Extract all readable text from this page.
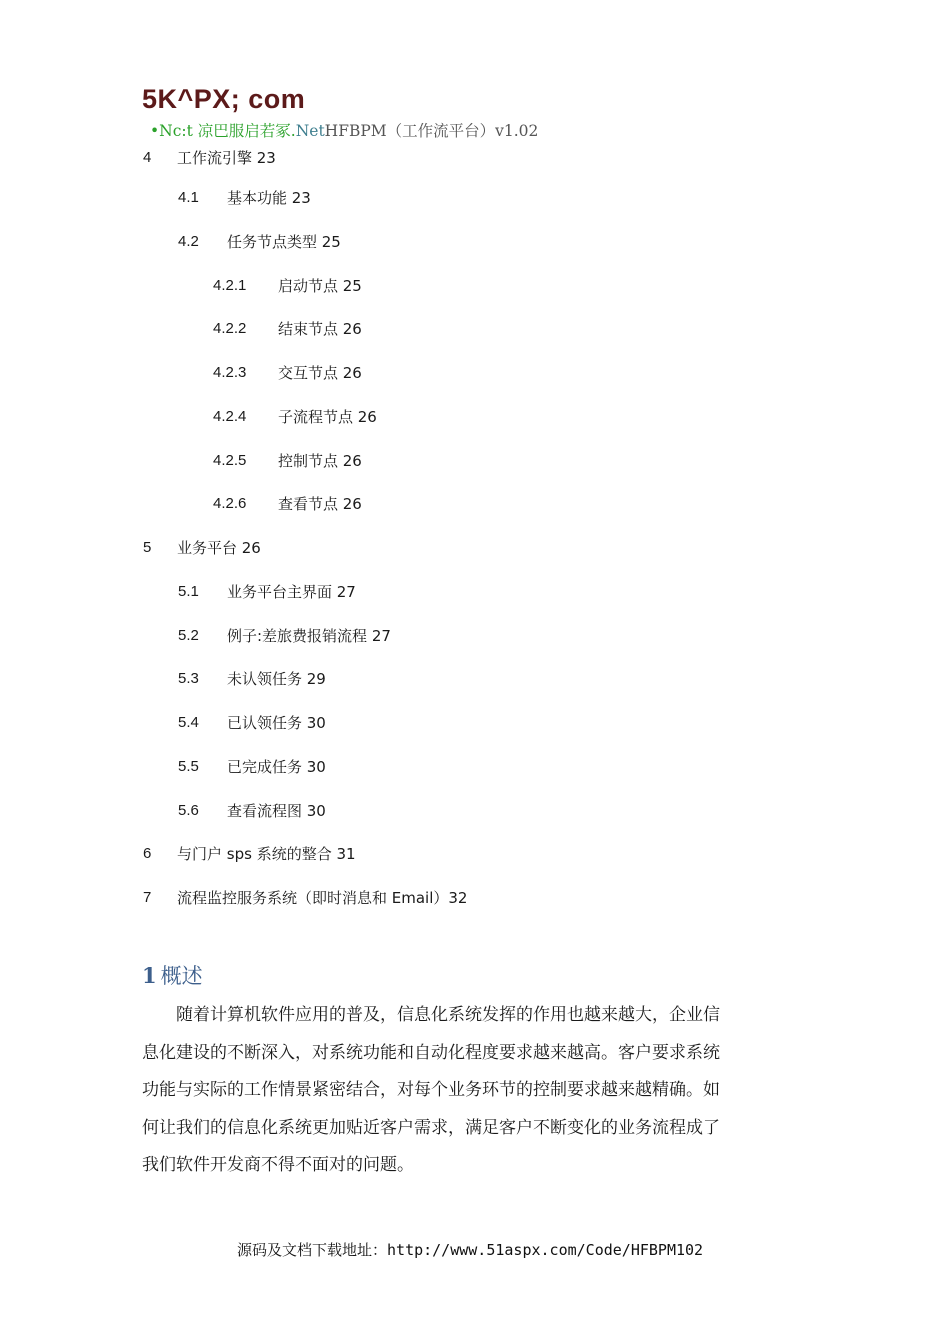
5K^PX; com
•Nc:t 凉巴服启若冢.NetHFBPM（工作流平台）v1.02
4 工作流引擎 23
4.1 基本功能 23
4.2 任务节点类型 25
4.2.1 启动节点 25
4.2.2 结束节点 26
4.2.3 交互节点 26
4.2.4 子流程节点 26
4.2.5 控制节点 26
4.2.6 查看节点 26
5 业务平台 26
5.1 业务平台主界面 27
5.2 例子:差旅费报销流程 27
5.3 未认领任务 29
5.4 已认领任务 30
5.5 已完成任务 30
5.6 查看流程图 30
6 与门户 sps 系统的整合 31
7 流程监控服务系统（即时消息和 Email）32
1 概述
随着计算机软件应用的普及，信息化系统发挥的作用也越来越大，企业信
息化建设的不断深入，对系统功能和自动化程度要求越来越高。客户要求系统
功能与实际的工作情景紧密结合，对每个业务环节的控制要求越来越精确。如
何让我们的信息化系统更加贴近客户需求，满足客户不断变化的业务流程成了
我们软件开发商不得不面对的问题。
源码及文档下载地址：http://www.51aspx.com/Code/HFBPM102
